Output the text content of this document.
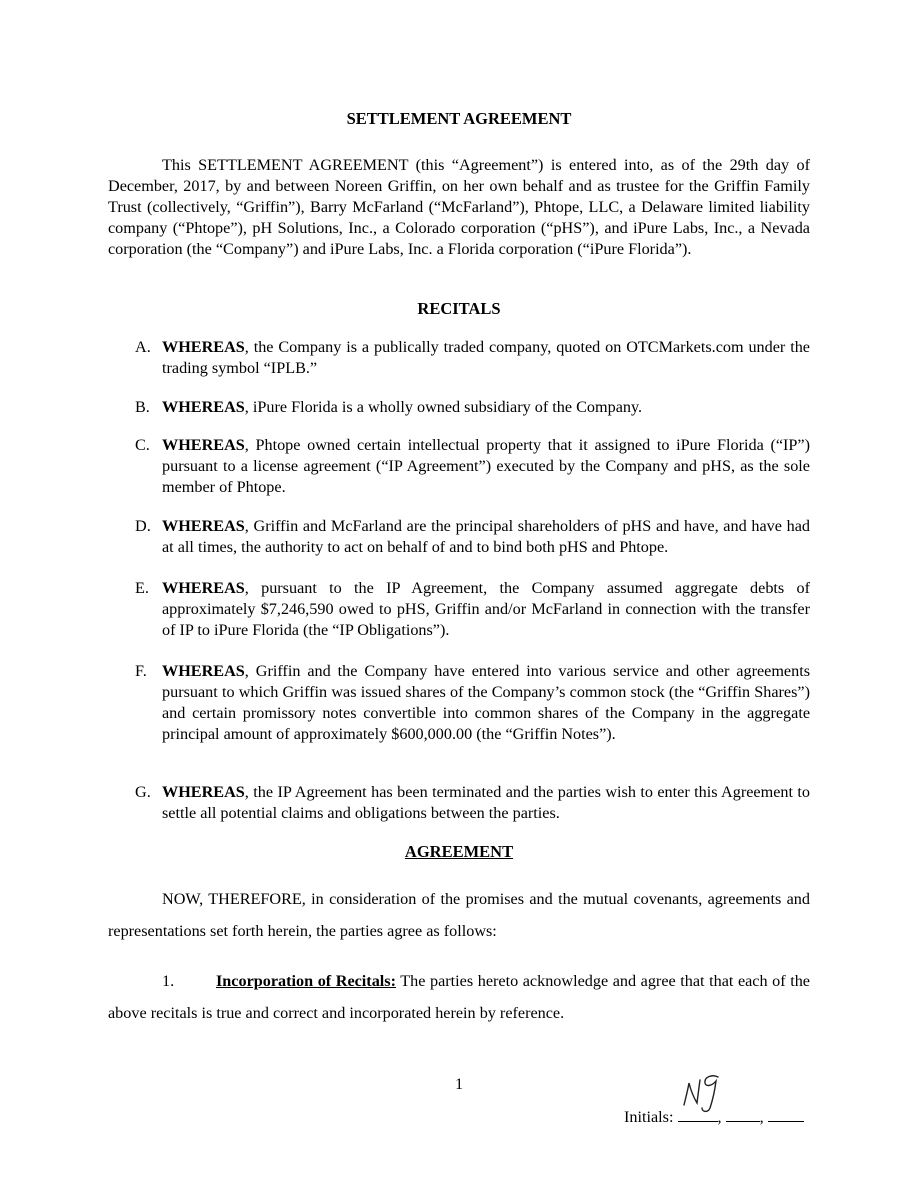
SETTLEMENT AGREEMENT
This SETTLEMENT AGREEMENT (this “Agreement”) is entered into, as of the 29th day of December, 2017, by and between Noreen Griffin, on her own behalf and as trustee for the Griffin Family Trust (collectively, “Griffin”), Barry McFarland (“McFarland”), Phtope, LLC, a Delaware limited liability company (“Phtope”), pH Solutions, Inc., a Colorado corporation (“pHS”), and iPure Labs, Inc., a Nevada corporation (the “Company”) and iPure Labs, Inc. a Florida corporation (“iPure Florida”).
RECITALS
A. WHEREAS, the Company is a publically traded company, quoted on OTCMarkets.com under the trading symbol “IPLB.”
B. WHEREAS, iPure Florida is a wholly owned subsidiary of the Company.
C. WHEREAS, Phtope owned certain intellectual property that it assigned to iPure Florida (“IP”) pursuant to a license agreement (“IP Agreement”) executed by the Company and pHS, as the sole member of Phtope.
D. WHEREAS, Griffin and McFarland are the principal shareholders of pHS and have, and have had at all times, the authority to act on behalf of and to bind both pHS and Phtope.
E. WHEREAS, pursuant to the IP Agreement, the Company assumed aggregate debts of approximately $7,246,590 owed to pHS, Griffin and/or McFarland in connection with the transfer of IP to iPure Florida (the “IP Obligations”).
F. WHEREAS, Griffin and the Company have entered into various service and other agreements pursuant to which Griffin was issued shares of the Company’s common stock (the “Griffin Shares”) and certain promissory notes convertible into common shares of the Company in the aggregate principal amount of approximately $600,000.00 (the “Griffin Notes”).
G. WHEREAS, the IP Agreement has been terminated and the parties wish to enter this Agreement to settle all potential claims and obligations between the parties.
AGREEMENT
NOW, THEREFORE, in consideration of the promises and the mutual covenants, agreements and representations set forth herein, the parties agree as follows:
1.	Incorporation of Recitals: The parties hereto acknowledge and agree that that each of the above recitals is true and correct and incorporated herein by reference.
1
Initials:	, ,
